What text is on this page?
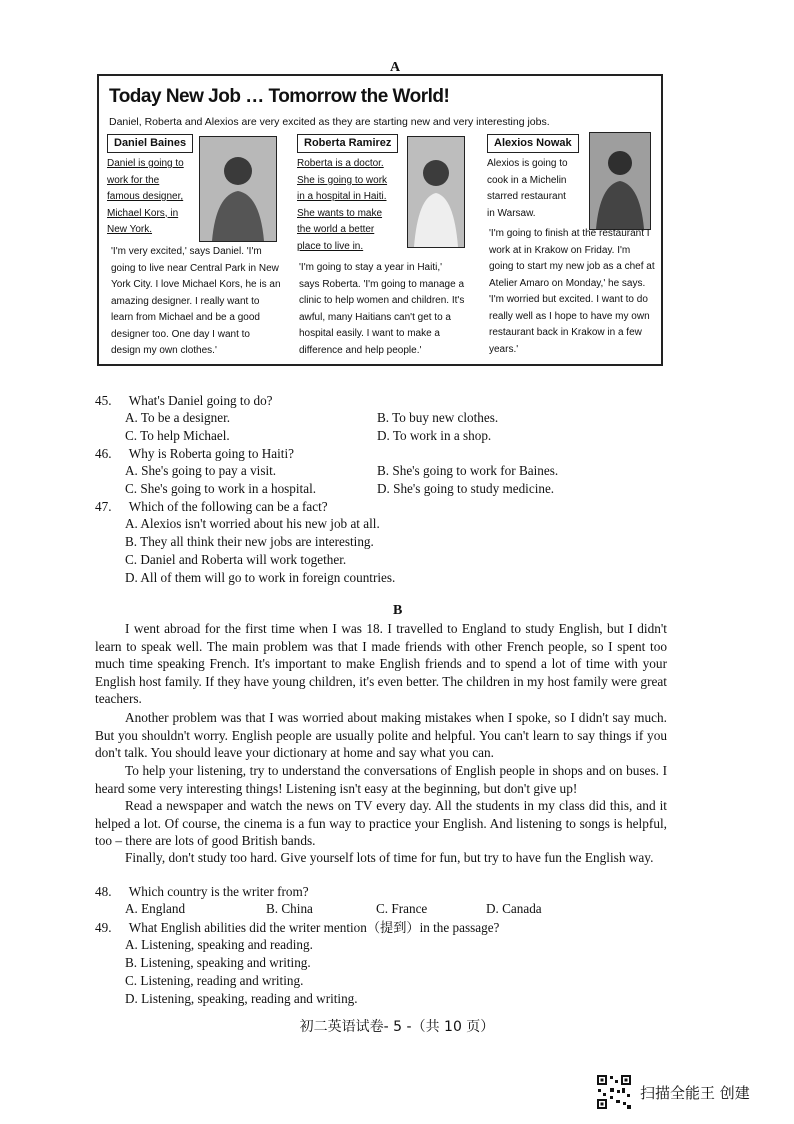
A
Today New Job … Tomorrow the World!
Daniel, Roberta and Alexios are very excited as they are starting new and very interesting jobs.
Daniel Baines
Daniel is going to work for the famous designer, Michael Kors, in New York.
'I'm very excited,' says Daniel. 'I'm going to live near Central Park in New York City. I love Michael Kors, he is an amazing designer. I really want to learn from Michael and be a good designer too. One day I want to design my own clothes.'
Roberta Ramirez
Roberta is a doctor. She is going to work in a hospital in Haiti. She wants to make the world a better place to live in.
'I'm going to stay a year in Haiti,' says Roberta. 'I'm going to manage a clinic to help women and children. It's awful, many Haitians can't get to a hospital easily. I want to make a difference and help people.'
Alexios Nowak
Alexios is going to cook in a Michelin starred restaurant in Warsaw.
'I'm going to finish at the restaurant I work at in Krakow on Friday. I'm going to start my new job as a chef at Atelier Amaro on Monday,' he says. 'I'm worried but excited. I want to do really well as I hope to have my own restaurant back in Krakow in a few years.'
45. What's Daniel going to do?
A. To be a designer.	B. To buy new clothes.
C. To help Michael.	D. To work in a shop.
46. Why is Roberta going to Haiti?
A. She's going to pay a visit.	B. She's going to work for Baines.
C. She's going to work in a hospital.	D. She's going to study medicine.
47. Which of the following can be a fact?
A. Alexios isn't worried about his new job at all.
B. They all think their new jobs are interesting.
C. Daniel and Roberta will work together.
D. All of them will go to work in foreign countries.
B

I went abroad for the first time when I was 18. I travelled to England to study English, but I didn't learn to speak well. The main problem was that I made friends with other French people, so I spent too much time speaking French. It's important to make English friends and to spend a lot of time with your English host family. If they have young children, it's even better. The children in my host family were great teachers.

Another problem was that I was worried about making mistakes when I spoke, so I didn't say much. But you shouldn't worry. English people are usually polite and helpful. You can't learn to say things if you don't talk. You should leave your dictionary at home and say what you can.

To help your listening, try to understand the conversations of English people in shops and on buses. I heard some very interesting things! Listening isn't easy at the beginning, but don't give up!

Read a newspaper and watch the news on TV every day. All the students in my class did this, and it helped a lot. Of course, the cinema is a fun way to practice your English. And listening to songs is helpful, too – there are lots of good British bands.

Finally, don't study too hard. Give yourself lots of time for fun, but try to have fun the English way.

48. Which country is the writer from?
A. England	B. China	C. France	D. Canada
49. What English abilities did the writer mention（提到）in the passage?
A. Listening, speaking and reading.
B. Listening, speaking and writing.
C. Listening, reading and writing.
D. Listening, speaking, reading and writing.
初二英语试卷- 5 -（共 10 页）
扫描全能王 创建
